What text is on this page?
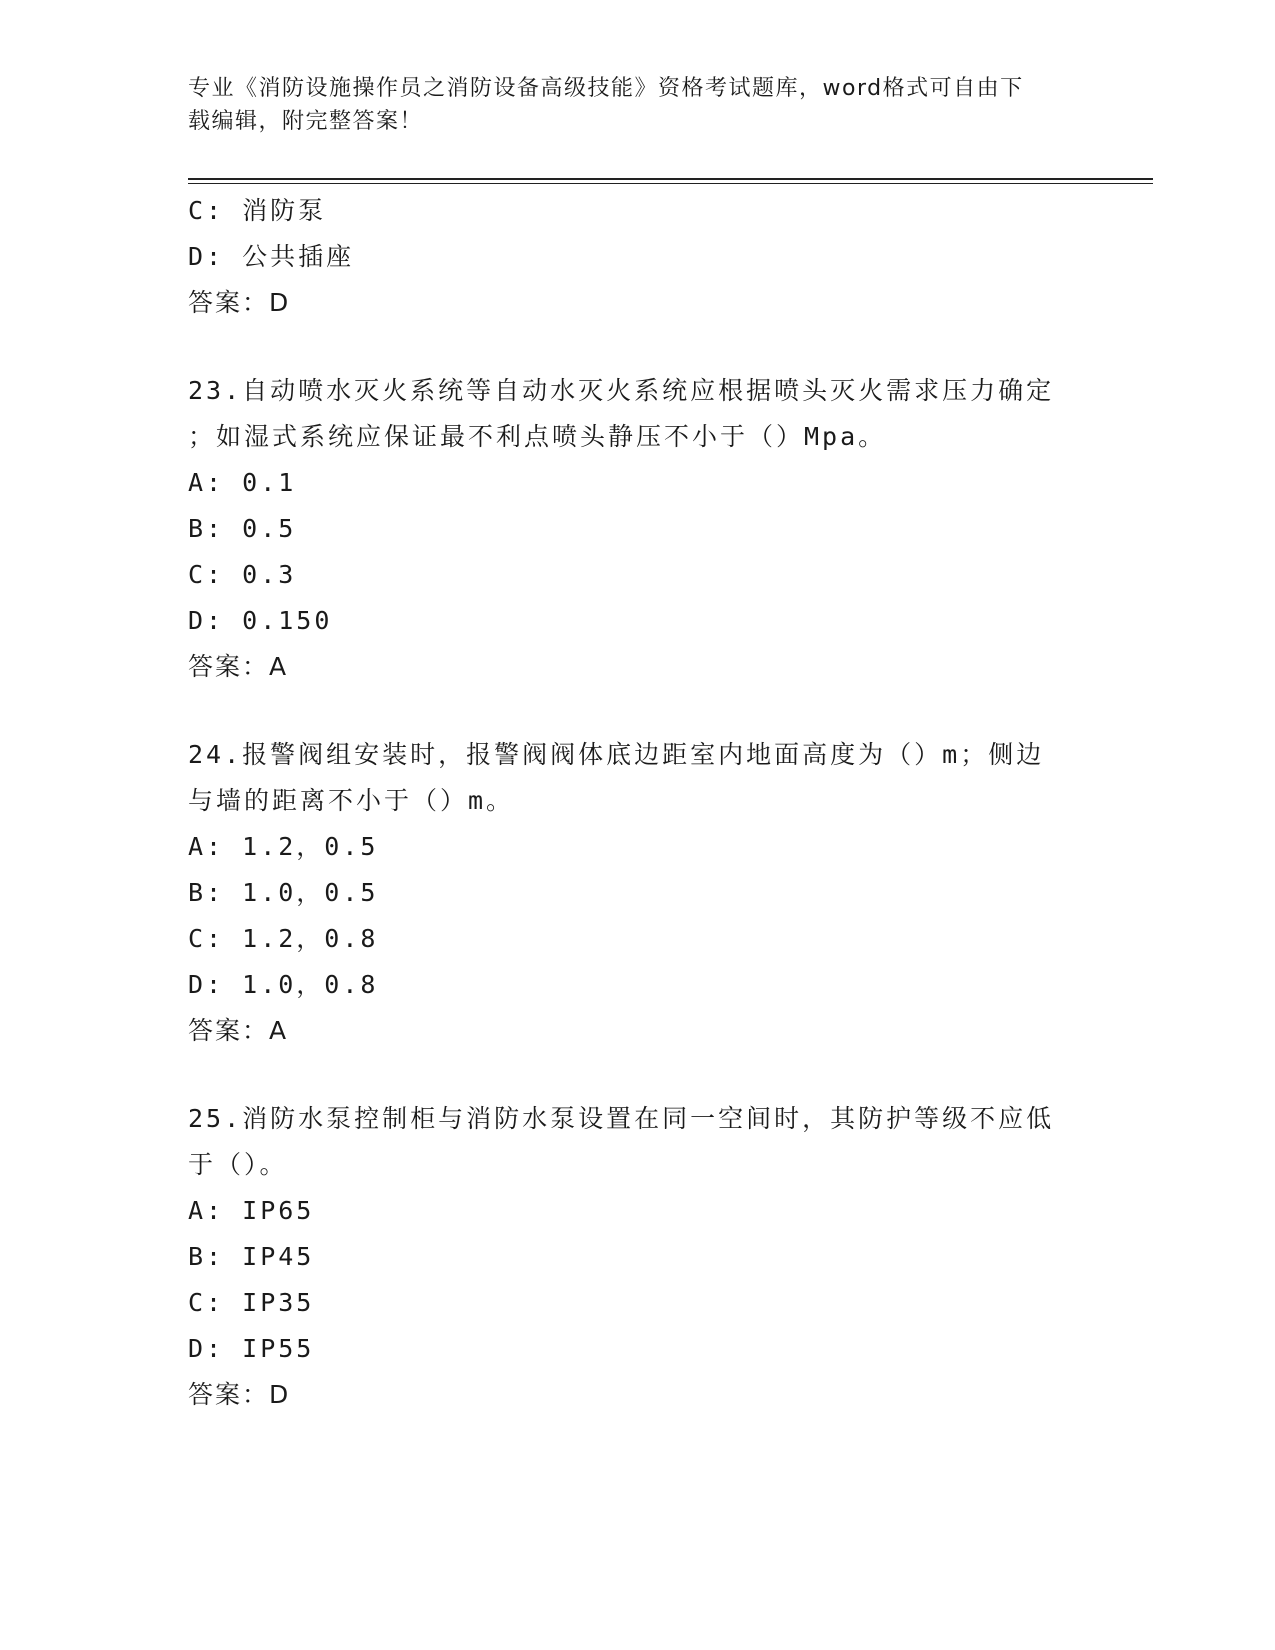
专业《消防设施操作员之消防设备高级技能》资格考试题库，word格式可自由下
载编辑，附完整答案！
C: 消防泵
D: 公共插座
答案：D
23.自动喷水灭火系统等自动水灭火系统应根据喷头灭火需求压力确定
；如湿式系统应保证最不利点喷头静压不小于（）Mpa。
A: 0.1
B: 0.5
C: 0.3
D: 0.150
答案：A
24.报警阀组安装时，报警阀阀体底边距室内地面高度为（）m；侧边
与墙的距离不小于（）m。
A: 1.2，0.5
B: 1.0，0.5
C: 1.2，0.8
D: 1.0，0.8
答案：A
25.消防水泵控制柜与消防水泵设置在同一空间时，其防护等级不应低
于（）。
A: IP65
B: IP45
C: IP35
D: IP55
答案：D
